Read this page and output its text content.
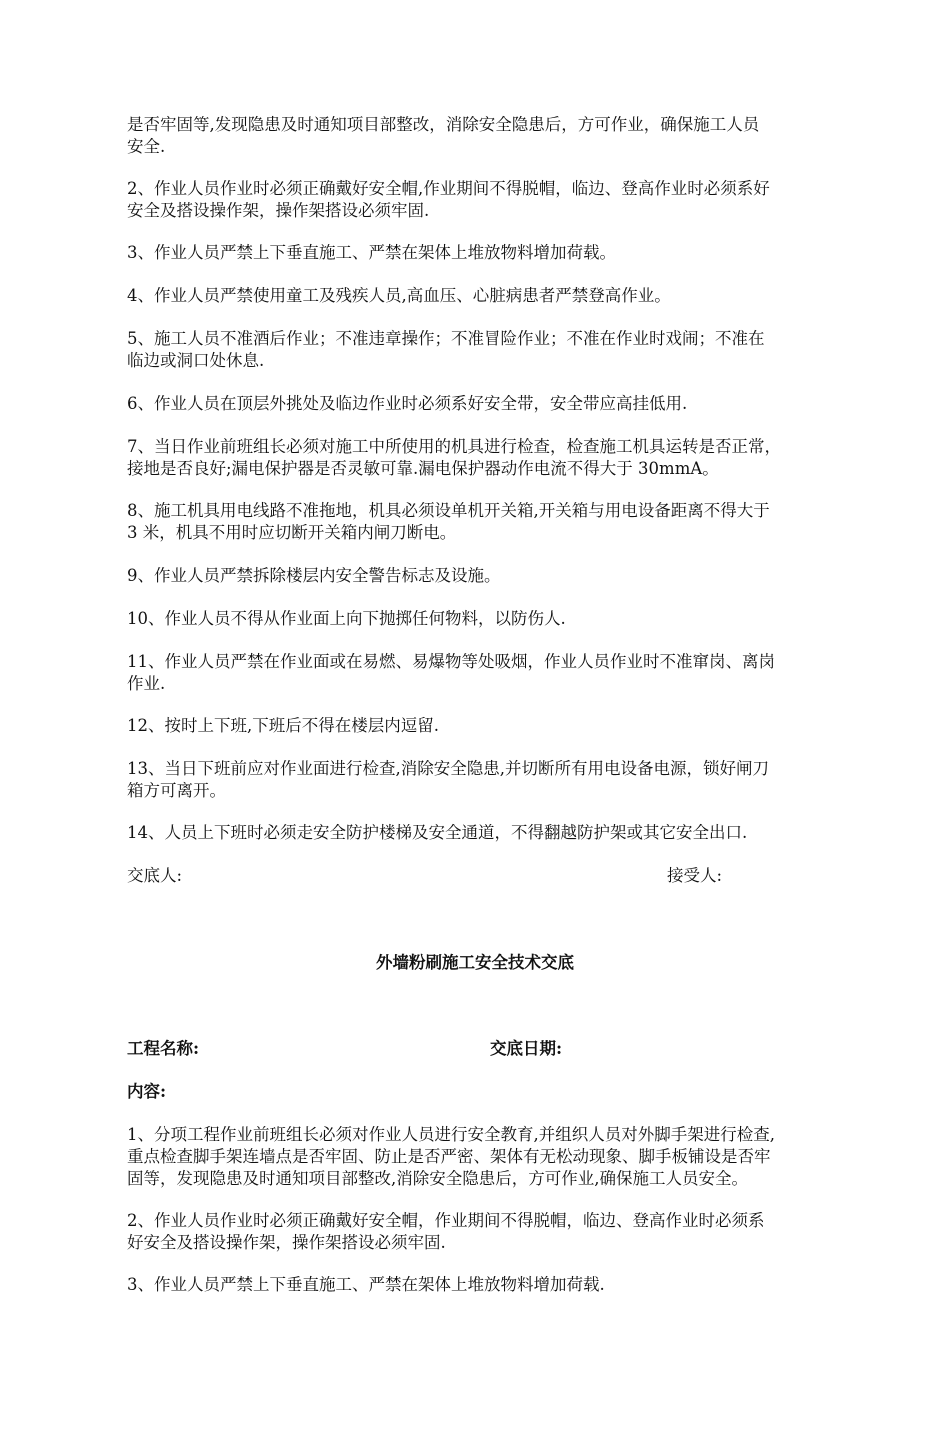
是否牢固等,发现隐患及时通知项目部整改，消除安全隐患后，方可作业，确保施工人员
安全.

2、作业人员作业时必须正确戴好安全帽,作业期间不得脱帽，临边、登高作业时必须系好
安全及搭设操作架，操作架搭设必须牢固.

3、作业人员严禁上下垂直施工、严禁在架体上堆放物料增加荷载。

4、作业人员严禁使用童工及残疾人员,高血压、心脏病患者严禁登高作业。

5、施工人员不准酒后作业；不准违章操作；不准冒险作业；不准在作业时戏闹；不准在
临边或洞口处休息.

6、作业人员在顶层外挑处及临边作业时必须系好安全带，安全带应高挂低用.

7、当日作业前班组长必须对施工中所使用的机具进行检查，检查施工机具运转是否正常，
接地是否良好;漏电保护器是否灵敏可靠.漏电保护器动作电流不得大于 30mmA。

8、施工机具用电线路不准拖地，机具必须设单机开关箱,开关箱与用电设备距离不得大于
3 米，机具不用时应切断开关箱内闸刀断电。

9、作业人员严禁拆除楼层内安全警告标志及设施。

10、作业人员不得从作业面上向下抛掷任何物料，以防伤人.

11、作业人员严禁在作业面或在易燃、易爆物等处吸烟，作业人员作业时不准窜岗、离岗
作业.

12、按时上下班,下班后不得在楼层内逗留.

13、当日下班前应对作业面进行检查,消除安全隐患,并切断所有用电设备电源，锁好闸刀
箱方可离开。

14、人员上下班时必须走安全防护楼梯及安全通道，不得翻越防护架或其它安全出口.

交底人:	接受人:

外墙粉刷施工安全技术交底

工程名称:	交底日期:

内容:

1、分项工程作业前班组长必须对作业人员进行安全教育,并组织人员对外脚手架进行检查,
重点检查脚手架连墙点是否牢固、防止是否严密、架体有无松动现象、脚手板铺设是否牢
固等，发现隐患及时通知项目部整改,消除安全隐患后，方可作业,确保施工人员安全。

2、作业人员作业时必须正确戴好安全帽，作业期间不得脱帽，临边、登高作业时必须系
好安全及搭设操作架，操作架搭设必须牢固.

3、作业人员严禁上下垂直施工、严禁在架体上堆放物料增加荷载.
